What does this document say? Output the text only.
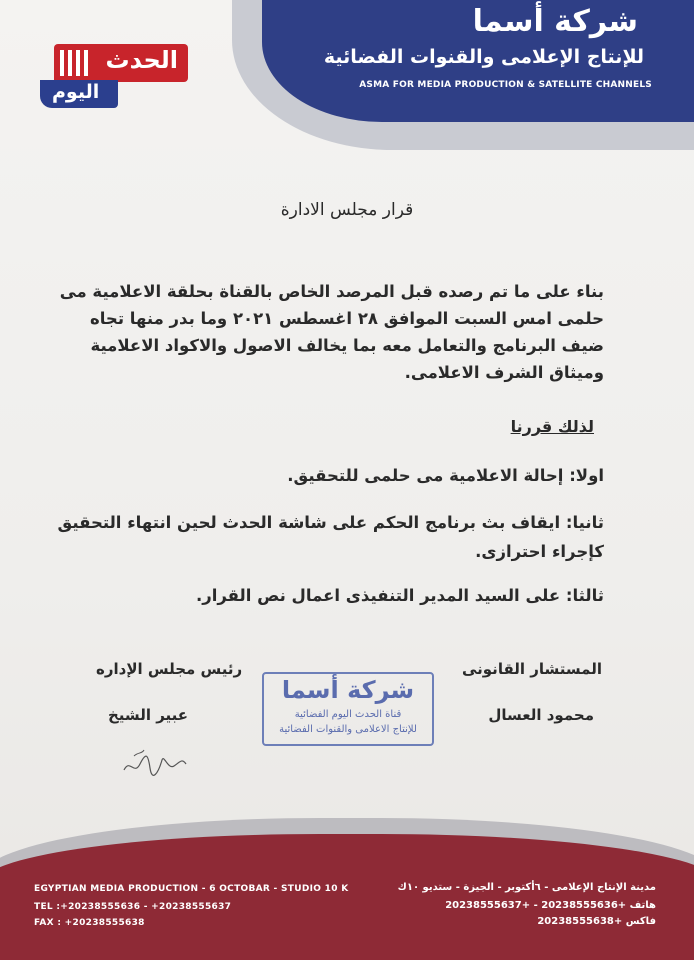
شركة أسما
للإنتاج الإعلامى والقنوات الفضائية
ASMA FOR MEDIA PRODUCTION & SATELLITE CHANNELS
الحدث
اليوم
قرار مجلس الادارة
بناء على ما تم رصده قبل المرصد الخاص بالقناة بحلقة الاعلامية مى حلمى امس السبت الموافق ٢٨ اغسطس ٢٠٢١ وما بدر منها تجاه ضيف البرنامج والتعامل معه بما يخالف الاصول والاكواد الاعلامية وميثاق الشرف الاعلامى.
لذلك قررنا
اولا: إحالة الاعلامية مى حلمى للتحقيق.
ثانيا: ايقاف بث برنامج الحكم على شاشة الحدث لحين انتهاء التحقيق كإجراء احترازى.
ثالثا: على السيد المدير التنفيذى اعمال نص القرار.
المستشار القانونى
محمود العسال
رئيس مجلس الإداره
عبير الشيخ
شركة أسما
قناة الحدث اليوم الفضائية
للإنتاج الاعلامى والقنوات الفضائية
EGYPTIAN MEDIA PRODUCTION - 6 OCTOBAR - STUDIO 10 K
TEL :+20238555636 - +20238555637
FAX : +20238555638
مدينة الإنتاج الإعلامى - ٦أكتوبر - الجيزة - ستديو ١٠ك
هاتف +20238555636 - +20238555637
فاكس +20238555638
